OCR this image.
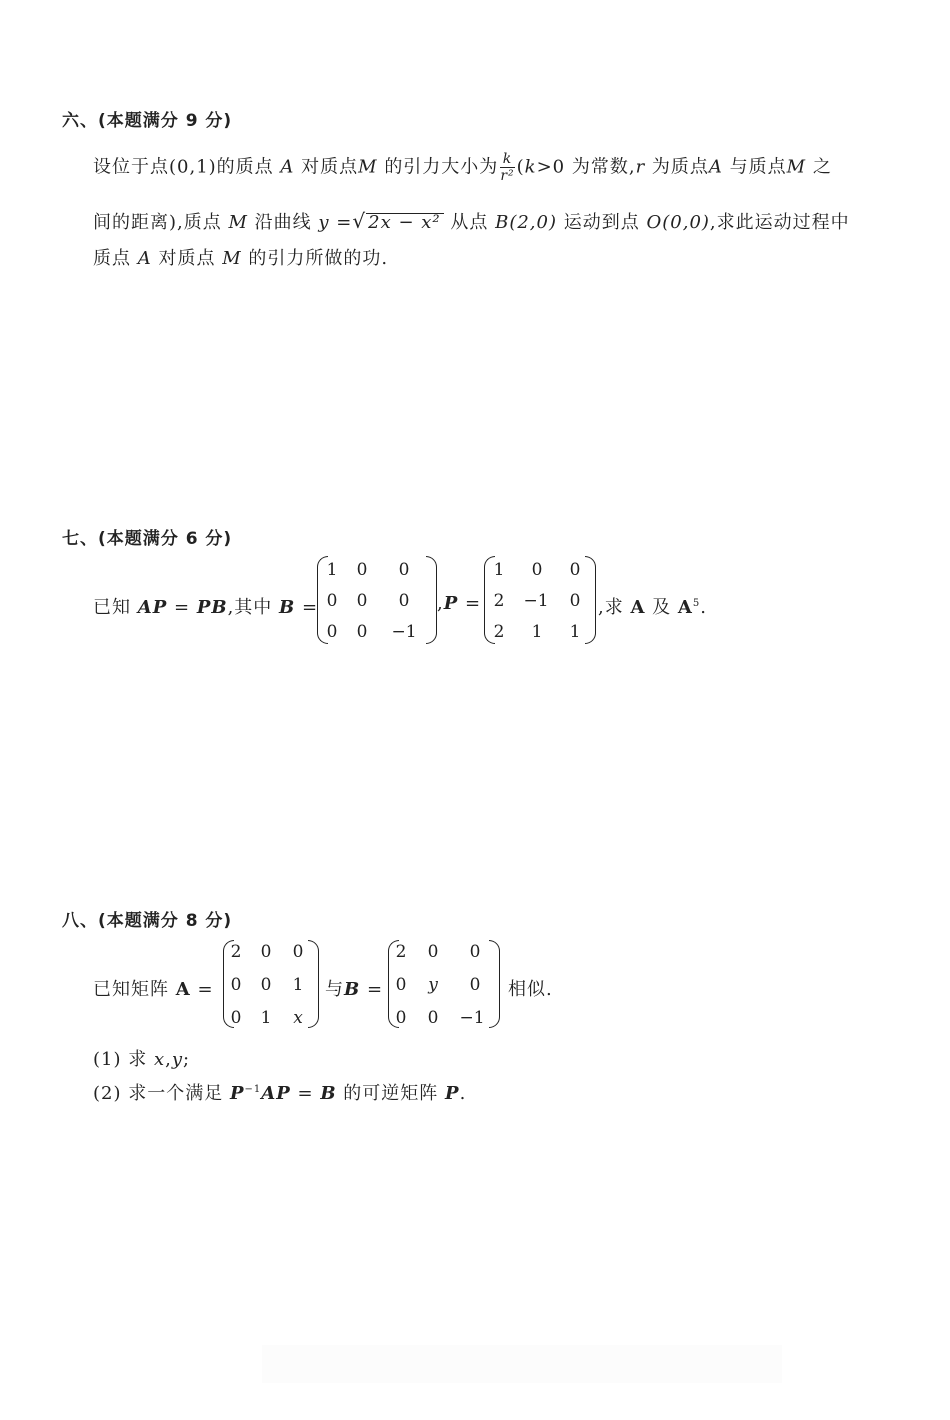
六、(本题满分 9 分)
设位于点(0,1)的质点 A 对质点M 的引力大小为 $\frac{k}{\text{r²}} (k>0$ 为常数,r 为质点A 与质点M 之
间的距离),质点 M 沿曲线 y =√ 2x − x² 从点 B(2,0) 运动到点 O(0,0),求此运动过程中
质点 A 对质点 M 的引力所做的功.
七、(本题满分 6 分)
已知 AP = PB,其中 B =
1	0	0
0	0	0
0	0	−1
,P =
1	0	0
2	−1	0
2	1	1
,求 A 及 $A^5$.
八、(本题满分 8 分)
已知矩阵 A =
2	0	0
0	0	1
0	1	x
与B =
2	0	0
0	y	0
0	0	−1
相似.
(1) 求 x,y;
(2) 求一个满足 $P^{-1}AP = B$ 的可逆矩阵 P.
